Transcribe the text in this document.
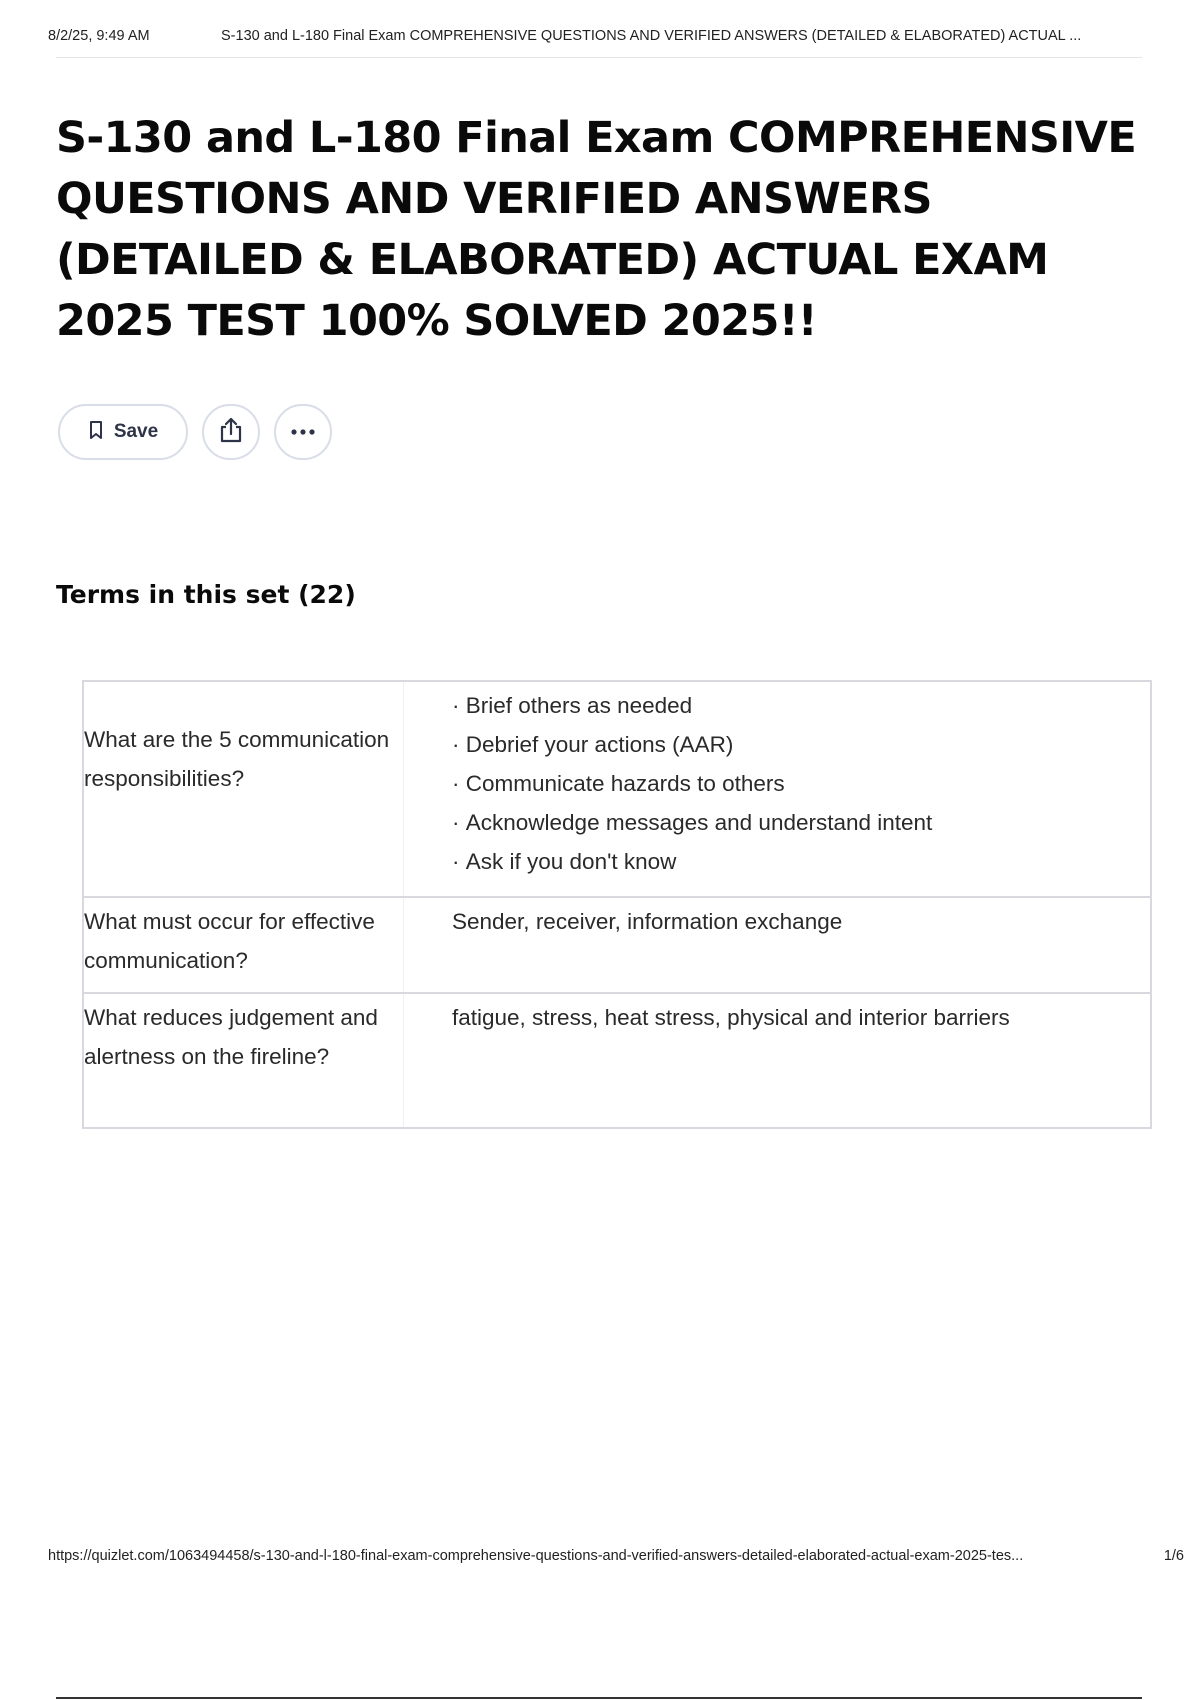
8/2/25, 9:49 AM	S-130 and L-180 Final Exam COMPREHENSIVE QUESTIONS AND VERIFIED ANSWERS (DETAILED & ELABORATED) ACTUAL ...
S-130 and L-180 Final Exam COMPREHENSIVE QUESTIONS AND VERIFIED ANSWERS (DETAILED & ELABORATED) ACTUAL EXAM 2025 TEST 100% SOLVED 2025!!
Save
Terms in this set (22)
What are the 5 communication responsibilities?
· Brief others as needed
· Debrief your actions (AAR)
· Communicate hazards to others
· Acknowledge messages and understand intent
· Ask if you don't know
What must occur for effective communication?
Sender, receiver, information exchange
What reduces judgement and alertness on the fireline?
fatigue, stress, heat stress, physical and interior barriers
https://quizlet.com/1063494458/s-130-and-l-180-final-exam-comprehensive-questions-and-verified-answers-detailed-elaborated-actual-exam-2025-tes...	1/6
